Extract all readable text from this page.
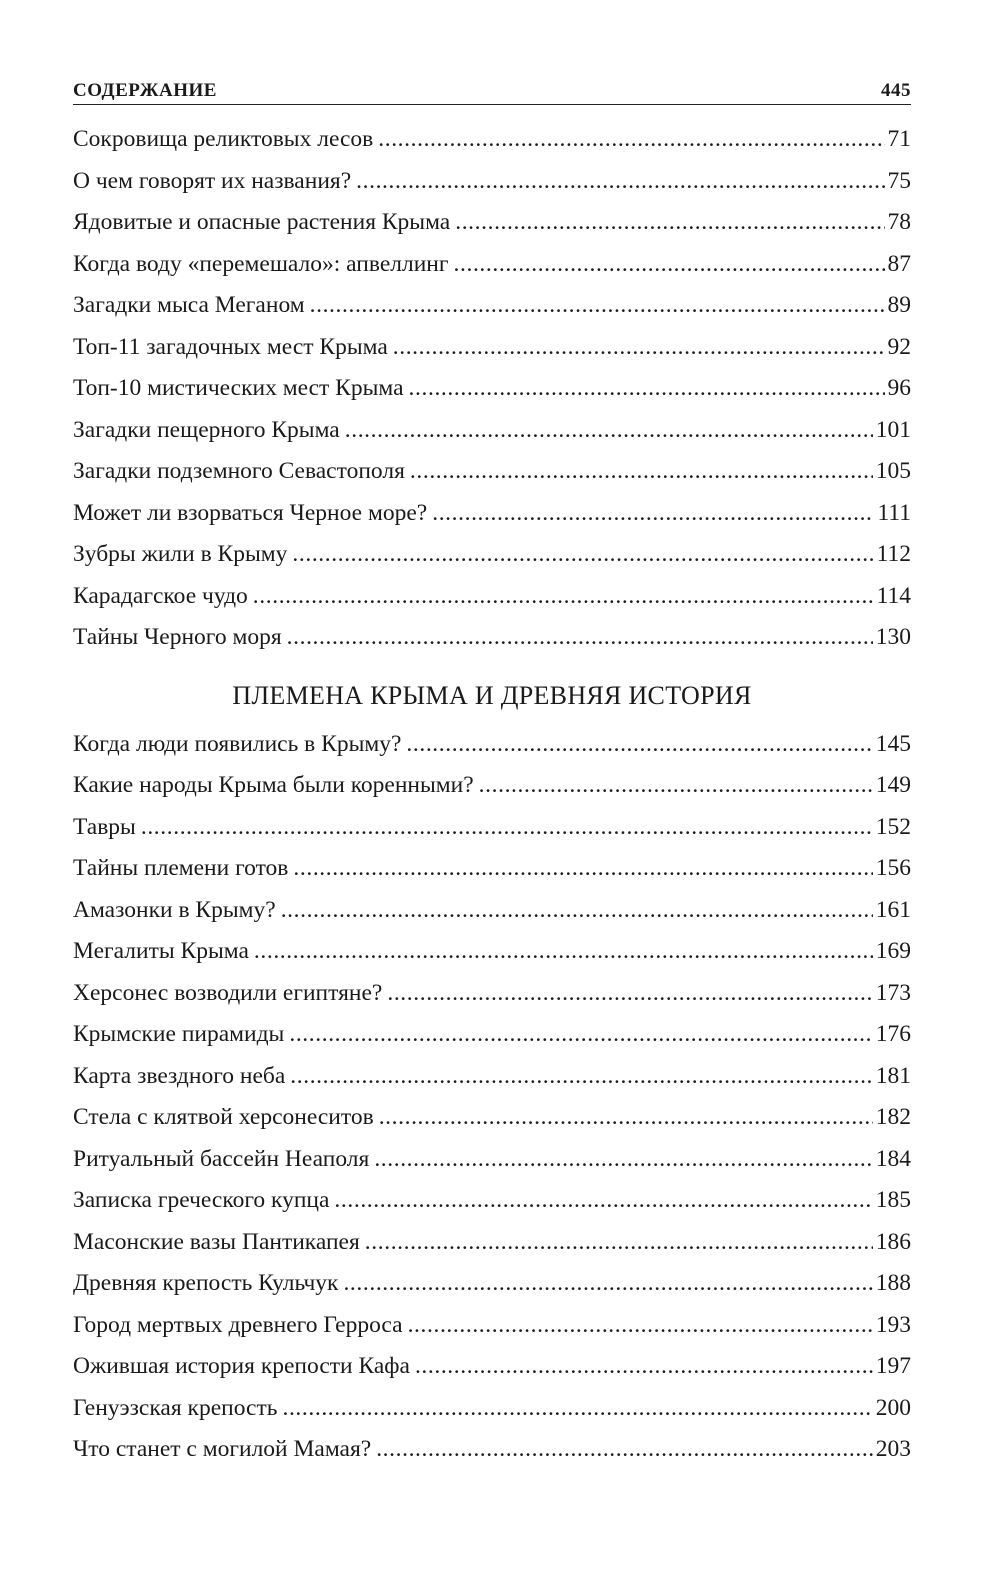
СОДЕРЖАНИЕ	445
Сокровища реликтовых лесов .....	71
О чем говорят их названия? .....	75
Ядовитые и опасные растения Крыма .....	78
Когда воду «перемешало»: апвеллинг .....	87
Загадки мыса Меганом .....	89
Топ-11 загадочных мест Крыма .....	92
Топ-10 мистических мест Крыма .....	96
Загадки пещерного Крыма .....	101
Загадки подземного Севастополя .....	105
Может ли взорваться Черное море? .....	111
Зубры жили в Крыму .....	112
Карадагское чудо .....	114
Тайны Черного моря .....	130
ПЛЕМЕНА КРЫМА И ДРЕВНЯЯ ИСТОРИЯ
Когда люди появились в Крыму? .....	145
Какие народы Крыма были коренными? .....	149
Тавры .....	152
Тайны племени готов .....	156
Амазонки в Крыму? .....	161
Мегалиты Крыма .....	169
Херсонес возводили египтяне? .....	173
Крымские пирамиды .....	176
Карта звездного неба .....	181
Стела с клятвой херсонеситов .....	182
Ритуальный бассейн Неаполя .....	184
Записка греческого купца .....	185
Масонские вазы Пантикапея .....	186
Древняя крепость Кульчук .....	188
Город мертвых древнего Герроса .....	193
Ожившая история крепости Кафа .....	197
Генуэзская крепость .....	200
Что станет с могилой Мамая? .....	203
